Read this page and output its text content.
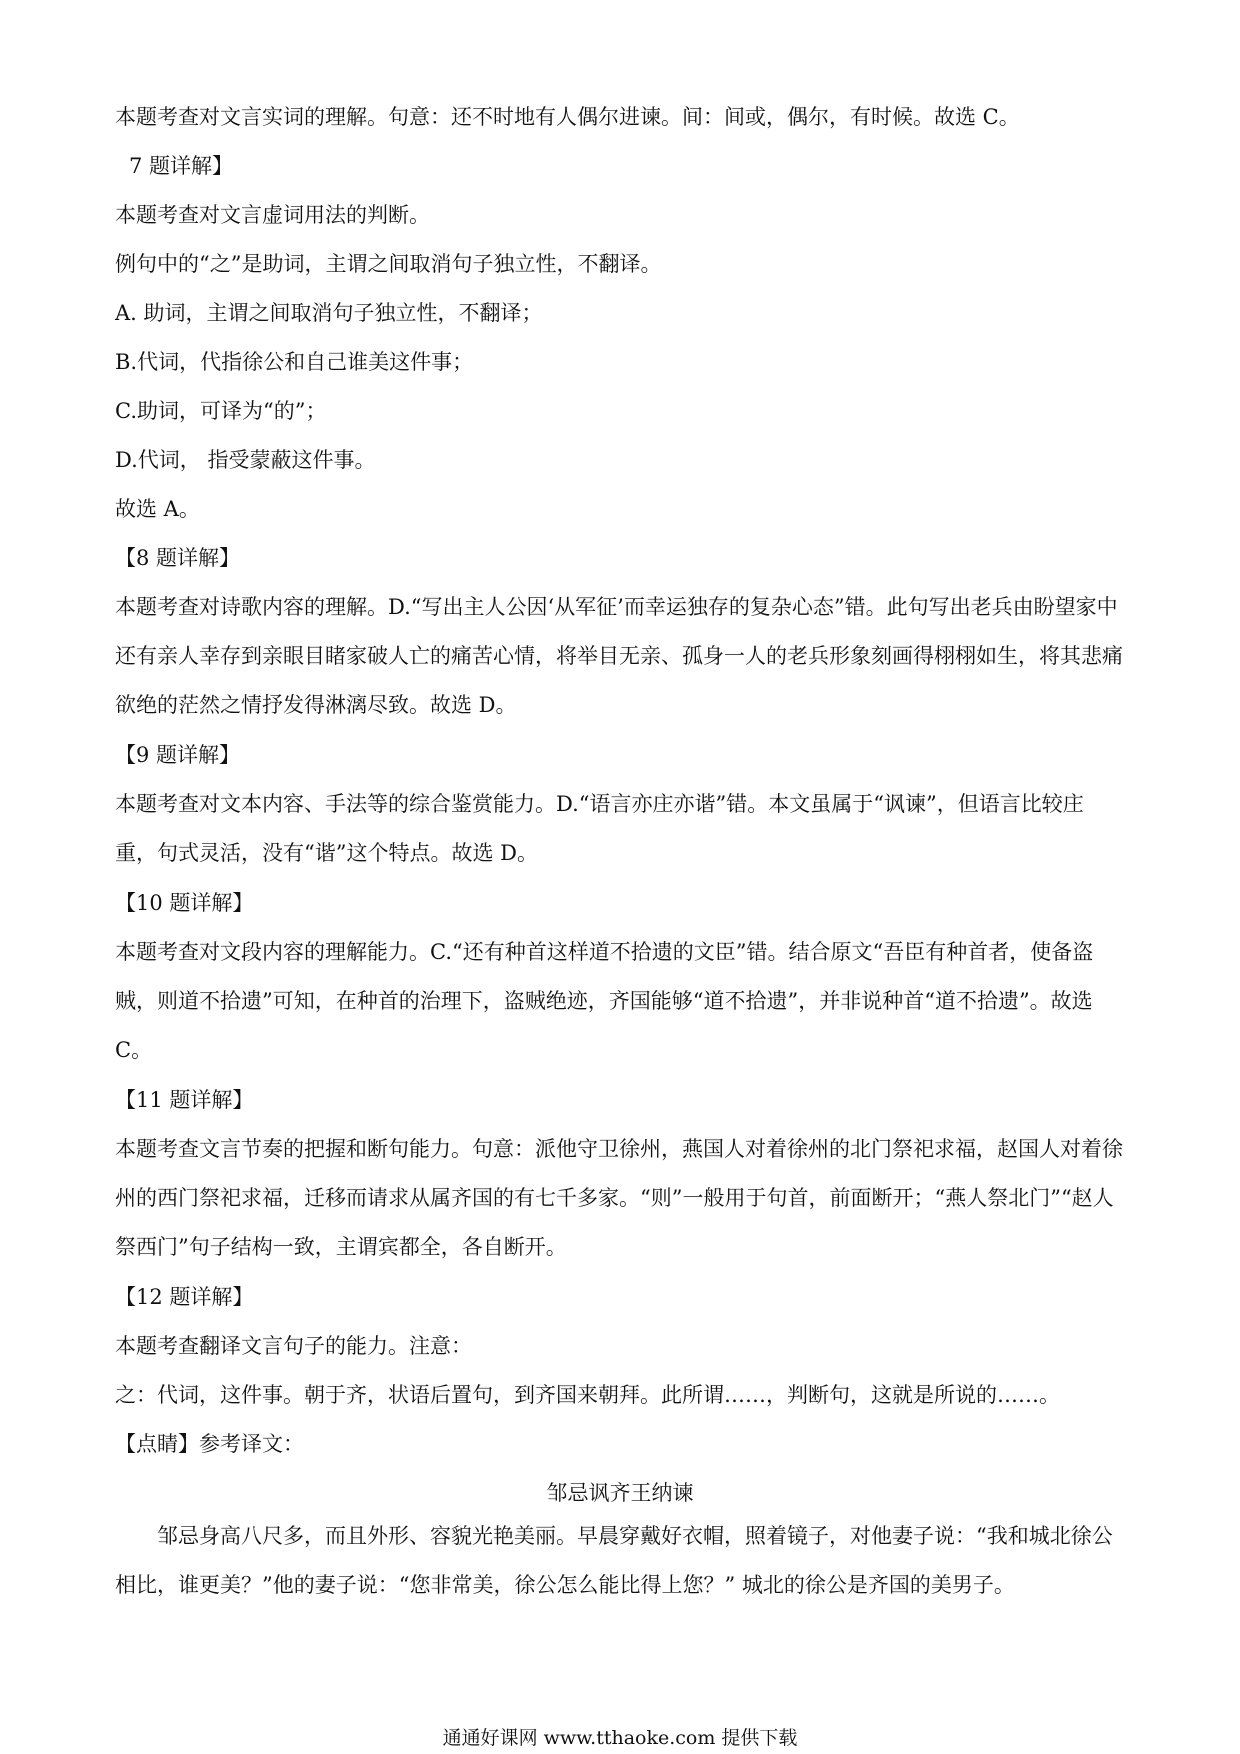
本题考查对文言实词的理解。句意：还不时地有人偶尔进谏。间：间或，偶尔，有时候。故选 C。

7 题详解】

本题考查对文言虚词用法的判断。

例句中的“之”是助词，主谓之间取消句子独立性，不翻译。

A. 助词，主谓之间取消句子独立性，不翻译；

B.代词，代指徐公和自己谁美这件事；

C.助词，可译为“的”；

D.代词， 指受蒙蔽这件事。

故选 A。

【8 题详解】

本题考查对诗歌内容的理解。D.“写出主人公因‘从军征’而幸运独存的复杂心态”错。此句写出老兵由盼望家中还有亲人幸存到亲眼目睹家破人亡的痛苦心情，将举目无亲、孤身一人的老兵形象刻画得栩栩如生，将其悲痛欲绝的茫然之情抒发得淋漓尽致。故选 D。

【9 题详解】

本题考查对文本内容、手法等的综合鉴赏能力。D.“语言亦庄亦谐”错。本文虽属于“讽谏”，但语言比较庄重，句式灵活，没有“谐”这个特点。故选 D。

【10 题详解】

本题考查对文段内容的理解能力。C.“还有种首这样道不拾遗的文臣”错。结合原文“吾臣有种首者，使备盗贼，则道不拾遗”可知，在种首的治理下，盗贼绝迹，齐国能够“道不拾遗”，并非说种首“道不拾遗”。故选 C。

【11 题详解】

本题考查文言节奏的把握和断句能力。句意：派他守卫徐州，燕国人对着徐州的北门祭祀求福，赵国人对着徐州的西门祭祀求福，迁移而请求从属齐国的有七千多家。“则”一般用于句首，前面断开；“燕人祭北门”“赵人祭西门”句子结构一致，主谓宾都全，各自断开。

【12 题详解】

本题考查翻译文言句子的能力。注意：

之：代词，这件事。朝于齐，状语后置句，到齐国来朝拜。此所谓……，判断句，这就是所说的……。

【点睛】参考译文：

邹忌讽齐王纳谏

邹忌身高八尺多，而且外形、容貌光艳美丽。早晨穿戴好衣帽，照着镜子，对他妻子说：“我和城北徐公相比，谁更美？”他的妻子说：“您非常美，徐公怎么能比得上您？” 城北的徐公是齐国的美男子。

通通好课网 www.tthaoke.com 提供下载
